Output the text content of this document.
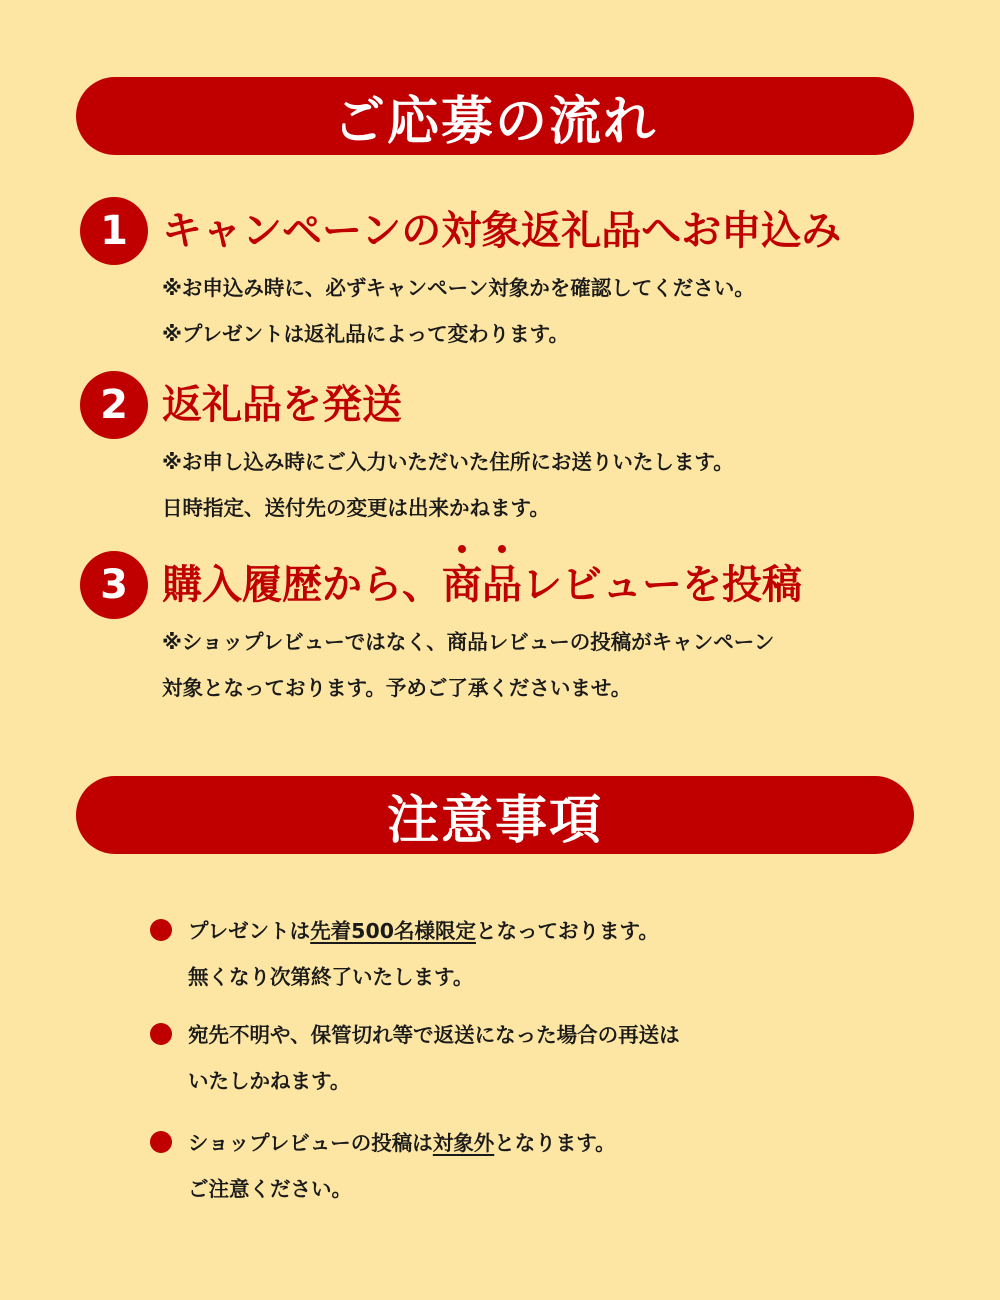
ご応募の流れ
1 キャンペーンの対象返礼品へお申込み
※お申込み時に、必ずキャンペーン対象かを確認してください。
※プレゼントは返礼品によって変わります。
2 返礼品を発送
※お申し込み時にご入力いただいた住所にお送りいたします。
日時指定、送付先の変更は出来かねます。
3 購入履歴から、商品レビューを投稿
※ショップレビューではなく、商品レビューの投稿がキャンペーン
対象となっております。予めご了承くださいませ。
注意事項
プレゼントは先着500名様限定となっております。
無くなり次第終了いたします。
宛先不明や、保管切れ等で返送になった場合の再送は
いたしかねます。
ショップレビューの投稿は対象外となります。
ご注意ください。
